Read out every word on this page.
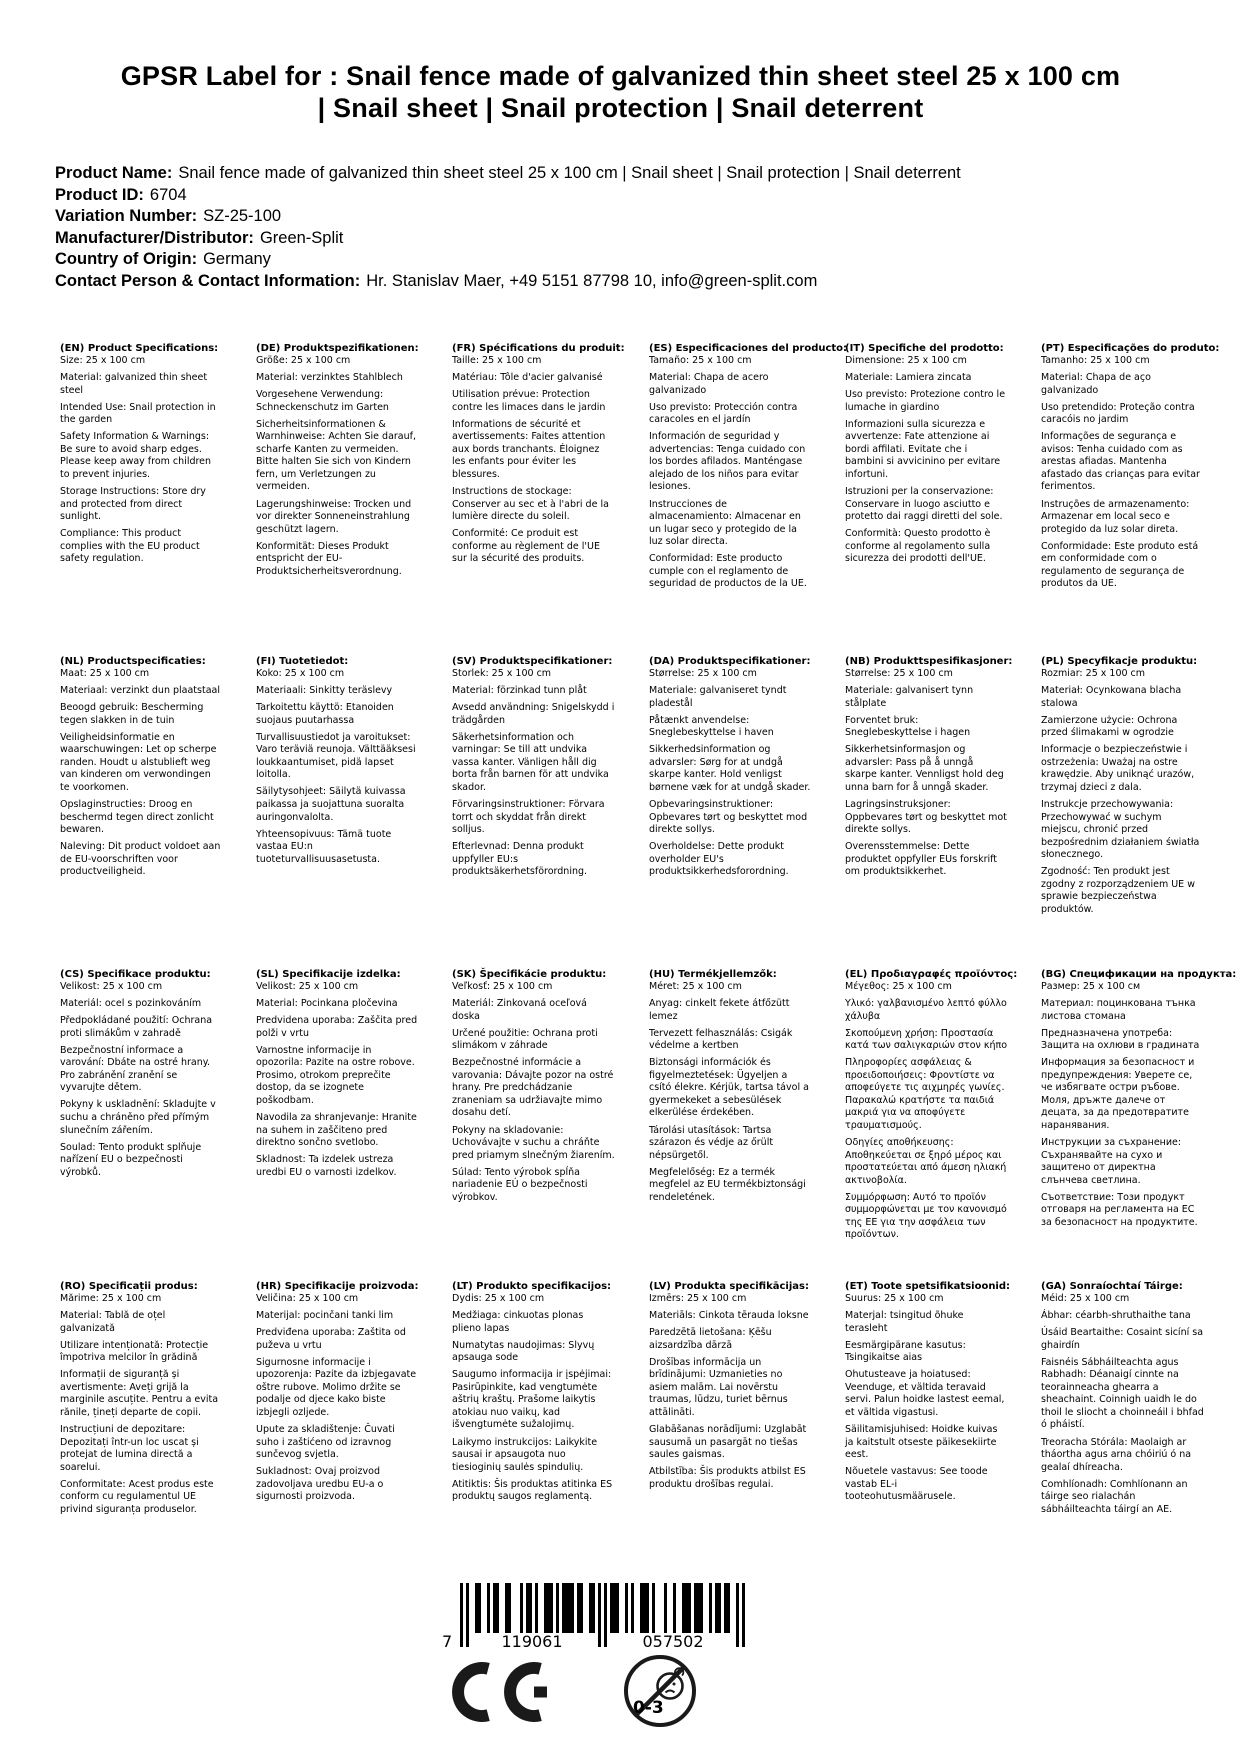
GPSR Label for : Snail fence made of galvanized thin sheet steel 25 x 100 cm | Snail sheet | Snail protection | Snail deterrent
Product Name: Snail fence made of galvanized thin sheet steel 25 x 100 cm | Snail sheet | Snail protection | Snail deterrent
Product ID: 6704
Variation Number: SZ-25-100
Manufacturer/Distributor: Green-Split
Country of Origin: Germany
Contact Person & Contact Information: Hr. Stanislav Maer, +49 5151 87798 10, info@green-split.com
(EN) Product Specifications:

Size: 25 x 100 cm

Material: galvanized thin sheet steel

Intended Use: Snail protection in the garden

Safety Information & Warnings: Be sure to avoid sharp edges. Please keep away from children to prevent injuries.

Storage Instructions: Store dry and protected from direct sunlight.

Compliance: This product complies with the EU product safety regulation.

(DE) Produktspezifikationen:

Größe: 25 x 100 cm

Material: verzinktes Stahlblech

Vorgesehene Verwendung: Schneckenschutz im Garten

Sicherheitsinformationen & Warnhinweise: Achten Sie darauf, scharfe Kanten zu vermeiden. Bitte halten Sie sich von Kindern fern, um Verletzungen zu vermeiden.

Lagerungshinweise: Trocken und vor direkter Sonneneinstrahlung geschützt lagern.

Konformität: Dieses Produkt entspricht der EU-Produktsicherheitsverordnung.

(FR) Spécifications du produit:

Taille: 25 x 100 cm

Matériau: Tôle d'acier galvanisé

Utilisation prévue: Protection contre les limaces dans le jardin

Informations de sécurité et avertissements: Faites attention aux bords tranchants. Éloignez les enfants pour éviter les blessures.

Instructions de stockage: Conserver au sec et à l'abri de la lumière directe du soleil.

Conformité: Ce produit est conforme au règlement de l'UE sur la sécurité des produits.

(ES) Especificaciones del producto:

Tamaño: 25 x 100 cm

Material: Chapa de acero galvanizado

Uso previsto: Protección contra caracoles en el jardín

Información de seguridad y advertencias: Tenga cuidado con los bordes afilados. Manténgase alejado de los niños para evitar lesiones.

Instrucciones de almacenamiento: Almacenar en un lugar seco y protegido de la luz solar directa.

Conformidad: Este producto cumple con el reglamento de seguridad de productos de la UE.

(IT) Specifiche del prodotto:

Dimensione: 25 x 100 cm

Materiale: Lamiera zincata

Uso previsto: Protezione contro le lumache in giardino

Informazioni sulla sicurezza e avvertenze: Fate attenzione ai bordi affilati. Evitate che i bambini si avvicinino per evitare infortuni.

Istruzioni per la conservazione: Conservare in luogo asciutto e protetto dai raggi diretti del sole.

Conformità: Questo prodotto è conforme al regolamento sulla sicurezza dei prodotti dell'UE.

(PT) Especificações do produto:

Tamanho: 25 x 100 cm

Material: Chapa de aço galvanizado

Uso pretendido: Proteção contra caracóis no jardim

Informações de segurança e avisos: Tenha cuidado com as arestas afiadas. Mantenha afastado das crianças para evitar ferimentos.

Instruções de armazenamento: Armazenar em local seco e protegido da luz solar direta.

Conformidade: Este produto está em conformidade com o regulamento de segurança de produtos da UE.

(NL) Productspecificaties:

Maat: 25 x 100 cm

Materiaal: verzinkt dun plaatstaal

Beoogd gebruik: Bescherming tegen slakken in de tuin

Veiligheidsinformatie en waarschuwingen: Let op scherpe randen. Houdt u alstublieft weg van kinderen om verwondingen te voorkomen.

Opslaginstructies: Droog en beschermd tegen direct zonlicht bewaren.

Naleving: Dit product voldoet aan de EU-voorschriften voor productveiligheid.

(FI) Tuotetiedot:

Koko: 25 x 100 cm

Materiaali: Sinkitty teräslevy

Tarkoitettu käyttö: Etanoiden suojaus puutarhassa

Turvallisuustiedot ja varoitukset: Varo teräviä reunoja. Välttääksesi loukkaantumiset, pidä lapset loitolla.

Säilytysohjeet: Säilytä kuivassa paikassa ja suojattuna suoralta auringonvalolta.

Yhteensopivuus: Tämä tuote vastaa EU:n tuoteturvallisuusasetusta.

(SV) Produktspecifikationer:

Storlek: 25 x 100 cm

Material: förzinkad tunn plåt

Avsedd användning: Snigelskydd i trädgården

Säkerhetsinformation och varningar: Se till att undvika vassa kanter. Vänligen håll dig borta från barnen för att undvika skador.

Förvaringsinstruktioner: Förvara torrt och skyddat från direkt solljus.

Efterlevnad: Denna produkt uppfyller EU:s produktsäkerhetsförordning.

(DA) Produktspecifikationer:

Størrelse: 25 x 100 cm

Materiale: galvaniseret tyndt pladestål

Påtænkt anvendelse: Sneglebeskyttelse i haven

Sikkerhedsinformation og advarsler: Sørg for at undgå skarpe kanter. Hold venligst børnene væk for at undgå skader.

Opbevaringsinstruktioner: Opbevares tørt og beskyttet mod direkte sollys.

Overholdelse: Dette produkt overholder EU's produktsikkerhedsforordning.

(NB) Produkttspesifikasjoner:

Størrelse: 25 x 100 cm

Materiale: galvanisert tynn stålplate

Forventet bruk: Sneglebeskyttelse i hagen

Sikkerhetsinformasjon og advarsler: Pass på å unngå skarpe kanter. Vennligst hold deg unna barn for å unngå skader.

Lagringsinstruksjoner: Oppbevares tørt og beskyttet mot direkte sollys.

Overensstemmelse: Dette produktet oppfyller EUs forskrift om produktsikkerhet.

(PL) Specyfikacje produktu:

Rozmiar: 25 x 100 cm

Materiał: Ocynkowana blacha stalowa

Zamierzone użycie: Ochrona przed ślimakami w ogrodzie

Informacje o bezpieczeństwie i ostrzeżenia: Uważaj na ostre krawędzie. Aby uniknąć urazów, trzymaj dzieci z dala.

Instrukcje przechowywania: Przechowywać w suchym miejscu, chronić przed bezpośrednim działaniem światła słonecznego.

Zgodność: Ten produkt jest zgodny z rozporządzeniem UE w sprawie bezpieczeństwa produktów.

(CS) Specifikace produktu:

Velikost: 25 x 100 cm

Materiál: ocel s pozinkováním

Předpokládané použití: Ochrana proti slimákům v zahradě

Bezpečnostní informace a varování: Dbáte na ostré hrany. Pro zabránění zranění se vyvarujte dětem.

Pokyny k uskladnění: Skladujte v suchu a chráněno před přímým slunečním zářením.

Soulad: Tento produkt splňuje nařízení EU o bezpečnosti výrobků.

(SL) Specifikacije izdelka:

Velikost: 25 x 100 cm

Material: Pocinkana pločevina

Predvidena uporaba: Zaščita pred polži v vrtu

Varnostne informacije in opozorila: Pazite na ostre robove. Prosimo, otrokom preprečite dostop, da se izognete poškodbam.

Navodila za shranjevanje: Hranite na suhem in zaščiteno pred direktno sončno svetlobo.

Skladnost: Ta izdelek ustreza uredbi EU o varnosti izdelkov.

(SK) Špecifikácie produktu:

Veľkosť: 25 x 100 cm

Materiál: Zinkovaná oceľová doska

Určené použitie: Ochrana proti slimákom v záhrade

Bezpečnostné informácie a varovania: Dávajte pozor na ostré hrany. Pre predchádzanie zraneniam sa udržiavajte mimo dosahu detí.

Pokyny na skladovanie: Uchovávajte v suchu a chráňte pred priamym slnečným žiarením.

Súlad: Tento výrobok spĺňa nariadenie EÚ o bezpečnosti výrobkov.

(HU) Termékjellemzők:

Méret: 25 x 100 cm

Anyag: cinkelt fekete átfőzütt lemez

Tervezett felhasználás: Csigák védelme a kertben

Biztonsági információk és figyelmeztetések: Ügyeljen a csító élekre. Kérjük, tartsa távol a gyermekeket a sebesülések elkerülése érdekében.

Tárolási utasítások: Tartsa szárazon és védje az őrült népsürgetől.

Megfelelőség: Ez a termék megfelel az EU termékbiztonsági rendeletének.

(EL) Προδιαγραφές προϊόντος:

Μέγεθος: 25 x 100 cm

Υλικό: γαλβανισμένο λεπτό φύλλο χάλυβα

Σκοπούμενη χρήση: Προστασία κατά των σαλιγκαριών στον κήπο

Πληροφορίες ασφάλειας & προειδοποιήσεις: Φροντίστε να αποφεύγετε τις αιχμηρές γωνίες. Παρακαλώ κρατήστε τα παιδιά μακριά για να αποφύγετε τραυματισμούς.

Οδηγίες αποθήκευσης: Αποθηκεύεται σε ξηρό μέρος και προστατεύεται από άμεση ηλιακή ακτινοβολία.

Συμμόρφωση: Αυτό το προϊόν συμμορφώνεται με τον κανονισμό της ΕΕ για την ασφάλεια των προϊόντων.

(BG) Спецификации на продукта:

Размер: 25 x 100 см

Материал: поцинкована тънка листова стомана

Предназначена употреба: Защита на охлюви в градината

Информация за безопасност и предупреждения: Уверете се, че избягвате остри ръбове. Моля, дръжте далече от децата, за да предотвратите наранявания.

Инструкции за съхранение: Съхранявайте на сухо и защитено от директна слънчева светлина.

Съответствие: Този продукт отговаря на регламента на ЕС за безопасност на продуктите.

(RO) Specificații produs:

Mărime: 25 x 100 cm

Material: Tablă de oțel galvanizată

Utilizare intenționată: Protecție împotriva melcilor în grădină

Informații de siguranță și avertismente: Aveți grijă la marginile ascuțite. Pentru a evita rănile, țineți departe de copii.

Instrucțiuni de depozitare: Depozitați într-un loc uscat și protejat de lumina directă a soarelui.

Conformitate: Acest produs este conform cu regulamentul UE privind siguranța produselor.

(HR) Specifikacije proizvoda:

Veličina: 25 x 100 cm

Materijal: pocinčani tanki lim

Predviđena uporaba: Zaštita od puževa u vrtu

Sigurnosne informacije i upozorenja: Pazite da izbjegavate oštre rubove. Molimo držite se podalje od djece kako biste izbjegli ozljede.

Upute za skladištenje: Čuvati suho i zaštićeno od izravnog sunčevog svjetla.

Sukladnost: Ovaj proizvod zadovoljava uredbu EU-a o sigurnosti proizvoda.

(LT) Produkto specifikacijos:

Dydis: 25 x 100 cm

Medžiaga: cinkuotas plonas plieno lapas

Numatytas naudojimas: Slyvų apsauga sode

Saugumo informacija ir įspėjimai: Pasirūpinkite, kad vengtumėte aštrių kraštų. Prašome laikytis atokiau nuo vaikų, kad išvengtumėte sužalojimų.

Laikymo instrukcijos: Laikykite sausai ir apsaugota nuo tiesioginių saulės spindulių.

Atitiktis: Šis produktas atitinka ES produktų saugos reglamentą.

(LV) Produkta specifikācijas:

Izmērs: 25 x 100 cm

Materiāls: Cinkota tērauda loksne

Paredzētā lietošana: Ķēšu aizsardzība dārzā

Drošības informācija un brīdinājumi: Uzmanieties no asiem malām. Lai novērstu traumas, lūdzu, turiet bērnus attālināti.

Glabāšanas norādījumi: Uzglabāt sausumā un pasargāt no tiešas saules gaismas.

Atbilstība: Šis produkts atbilst ES produktu drošības regulai.

(ET) Toote spetsifikatsioonid:

Suurus: 25 x 100 cm

Materjal: tsingitud õhuke terasleht

Eesmärgipärane kasutus: Tsingikaitse aias

Ohutusteave ja hoiatused: Veenduge, et vältida teravaid servi. Palun hoidke lastest eemal, et vältida vigastusi.

Säilitamisjuhised: Hoidke kuivas ja kaitstult otseste päikesekiirte eest.

Nõuetele vastavus: See toode vastab EL-i tooteohutusmäärusele.

(GA) Sonraíochtaí Táirge:

Méid: 25 x 100 cm

Ábhar: céarbh-shruthaithe tana

Úsáid Beartaithe: Cosaint sicíní sa ghairdín

Faisnéis Sábháilteachta agus Rabhadh: Déanaigí cinnte na teorainneacha ghearra a sheachaint. Coinnigh uaidh le do thoil le sliocht a choinneáil i bhfad ó pháistí.

Treoracha Stórála: Maolaigh ar tháortha agus arna chóiriú ó na gealaí dhíreacha.

Comhlíonadh: Comhlíonann an táirge seo rialachán sábháilteachta táirgí an AE.

7	119061	057502
0-3
